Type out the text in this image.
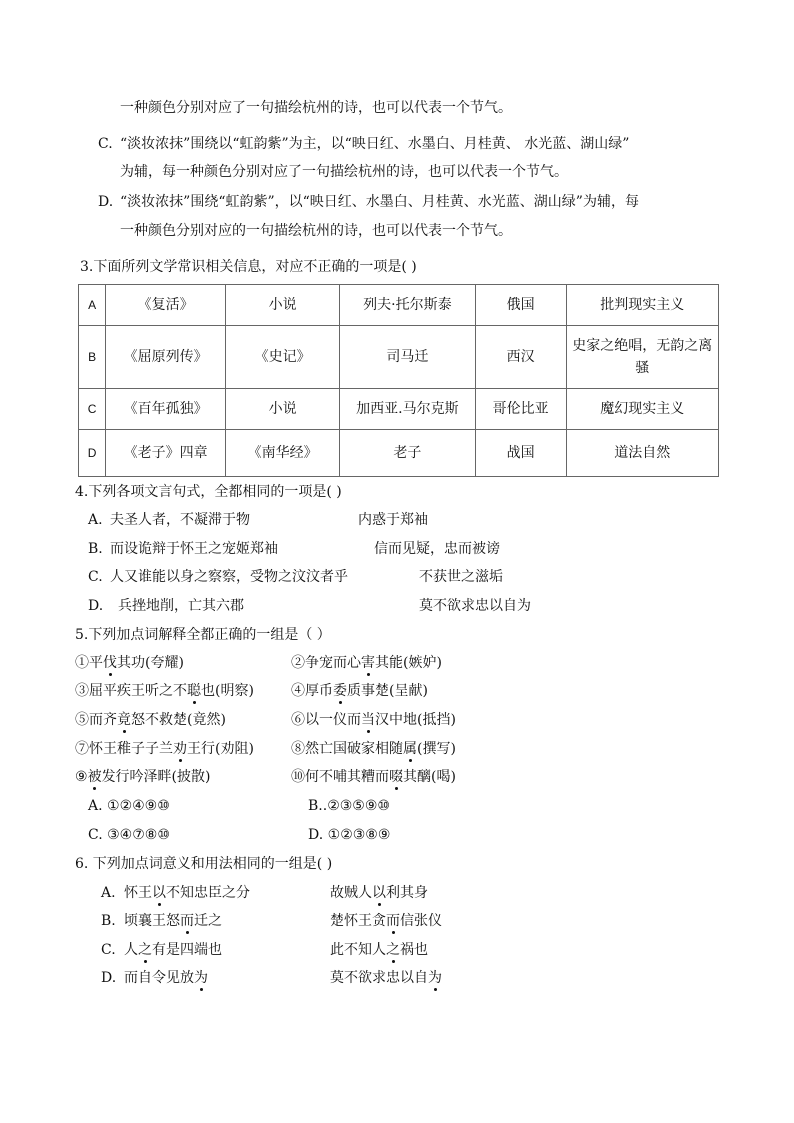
一种颜色分别对应了一句描绘杭州的诗，也可以代表一个节气。
C. “淡妆浓抹”围绕以“虹韵紫”为主，以“映日红、水墨白、月桂黄、 水光蓝、湖山绿”
为辅，每一种颜色分别对应了一句描绘杭州的诗，也可以代表一个节气。
D. “淡妆浓抹”围绕“虹韵紫”，以“映日红、水墨白、月桂黄、水光蓝、湖山绿”为辅，每
一种颜色分别对应的一句描绘杭州的诗，也可以代表一个节气。
3.下面所列文学常识相关信息，对应不正确的一项是( )
A	《复活》	小说	列夫·托尔斯泰	俄国	批判现实主义
B	《屈原列传》	《史记》	司马迁	西汉	史家之绝唱，无韵之离骚
C	《百年孤独》	小说	加西亚.马尔克斯	哥伦比亚	魔幻现实主义
D	《老子》四章	《南华经》	老子	战国	道法自然
4.下列各项文言句式，全都相同的一项是( )
A. 夫圣人者，不凝滞于物	内惑于郑袖
B. 而设诡辩于怀王之宠姬郑袖	信而见疑，忠而被谤
C. 人又谁能以身之察察，受物之汶汶者乎	不获世之滋垢
D. 兵挫地削，亡其六郡	莫不欲求忠以自为
5.下列加点词解释全都正确的一组是（ ）
①平伐其功(夸耀)	②争宠而心害其能(嫉妒)
③屈平疾王听之不聪也(明察)	④厚币委质事楚(呈献)
⑤而齐竟怒不救楚(竟然)	⑥以一仪而当汉中地(抵挡)
⑦怀王稚子子兰劝王行(劝阻)	⑧然亡国破家相随属(撰写)
⑨被发行吟泽畔(披散)	⑩何不哺其糟而啜其醨(喝)
A. ①②④⑨⑩	B..②③⑤⑨⑩
C. ③④⑦⑧⑩	D. ①②③⑧⑨
6. 下列加点词意义和用法相同的一组是( )
A. 怀王以不知忠臣之分	故贼人以利其身
B. 顷襄王怒而迁之	楚怀王贪而信张仪
C. 人之有是四端也	此不知人之祸也
D. 而自令见放为	莫不欲求忠以自为
